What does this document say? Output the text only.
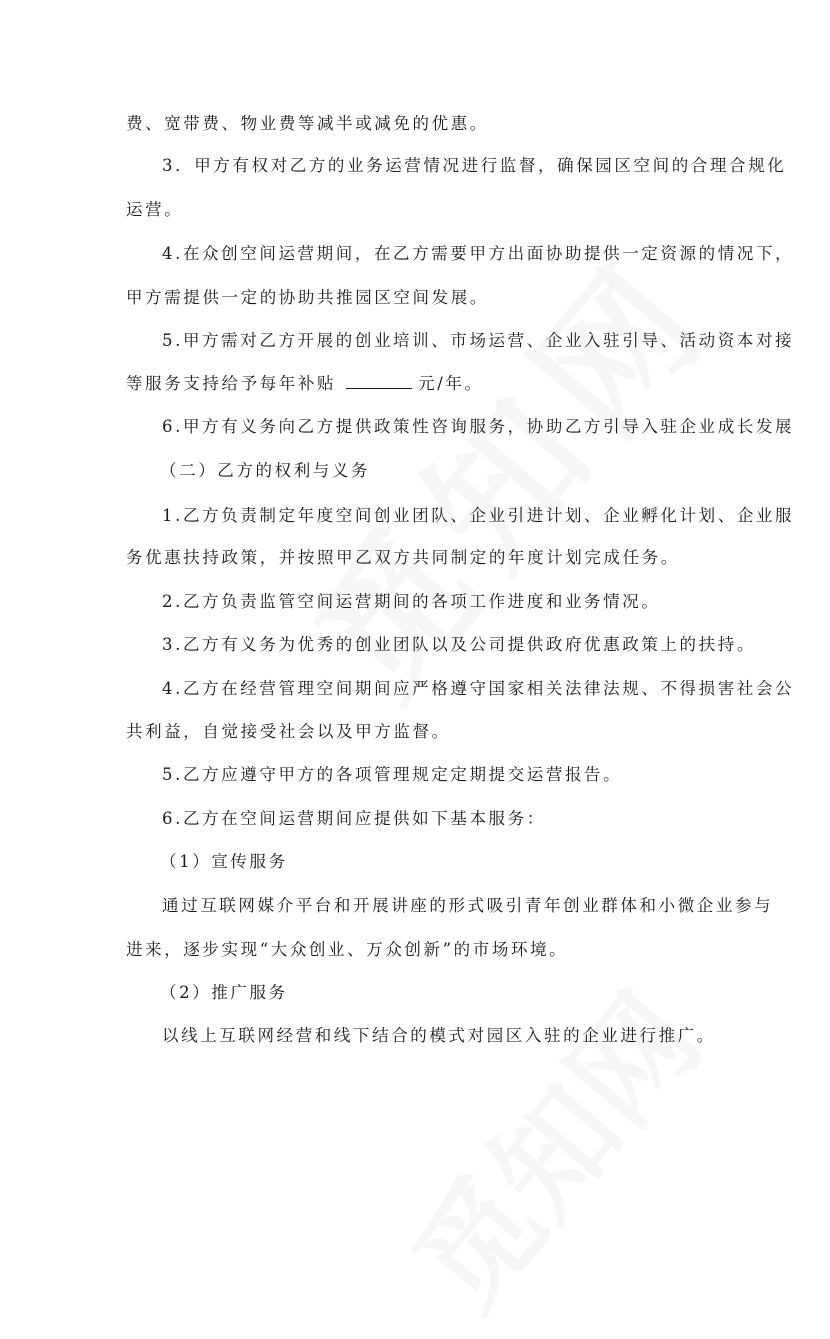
费、宽带费、物业费等减半或减免的优惠。
3．甲方有权对乙方的业务运营情况进行监督，确保园区空间的合理合规化
运营。
4.在众创空间运营期间，在乙方需要甲方出面协助提供一定资源的情况下，
甲方需提供一定的协助共推园区空间发展。
5.甲方需对乙方开展的创业培训、市场运营、企业入驻引导、活动资本对接
等服务支持给予每年补贴	元/年。
6.甲方有义务向乙方提供政策性咨询服务，协助乙方引导入驻企业成长发展
（二）乙方的权利与义务
1.乙方负责制定年度空间创业团队、企业引进计划、企业孵化计划、企业服
务优惠扶持政策，并按照甲乙双方共同制定的年度计划完成任务。
2.乙方负责监管空间运营期间的各项工作进度和业务情况。
3.乙方有义务为优秀的创业团队以及公司提供政府优惠政策上的扶持。
4.乙方在经营管理空间期间应严格遵守国家相关法律法规、不得损害社会公
共利益，自觉接受社会以及甲方监督。
5.乙方应遵守甲方的各项管理规定定期提交运营报告。
6.乙方在空间运营期间应提供如下基本服务：
（1）宣传服务
通过互联网媒介平台和开展讲座的形式吸引青年创业群体和小微企业参与
进来，逐步实现“大众创业、万众创新”的市场环境。
（2）推广服务
以线上互联网经营和线下结合的模式对园区入驻的企业进行推广。
